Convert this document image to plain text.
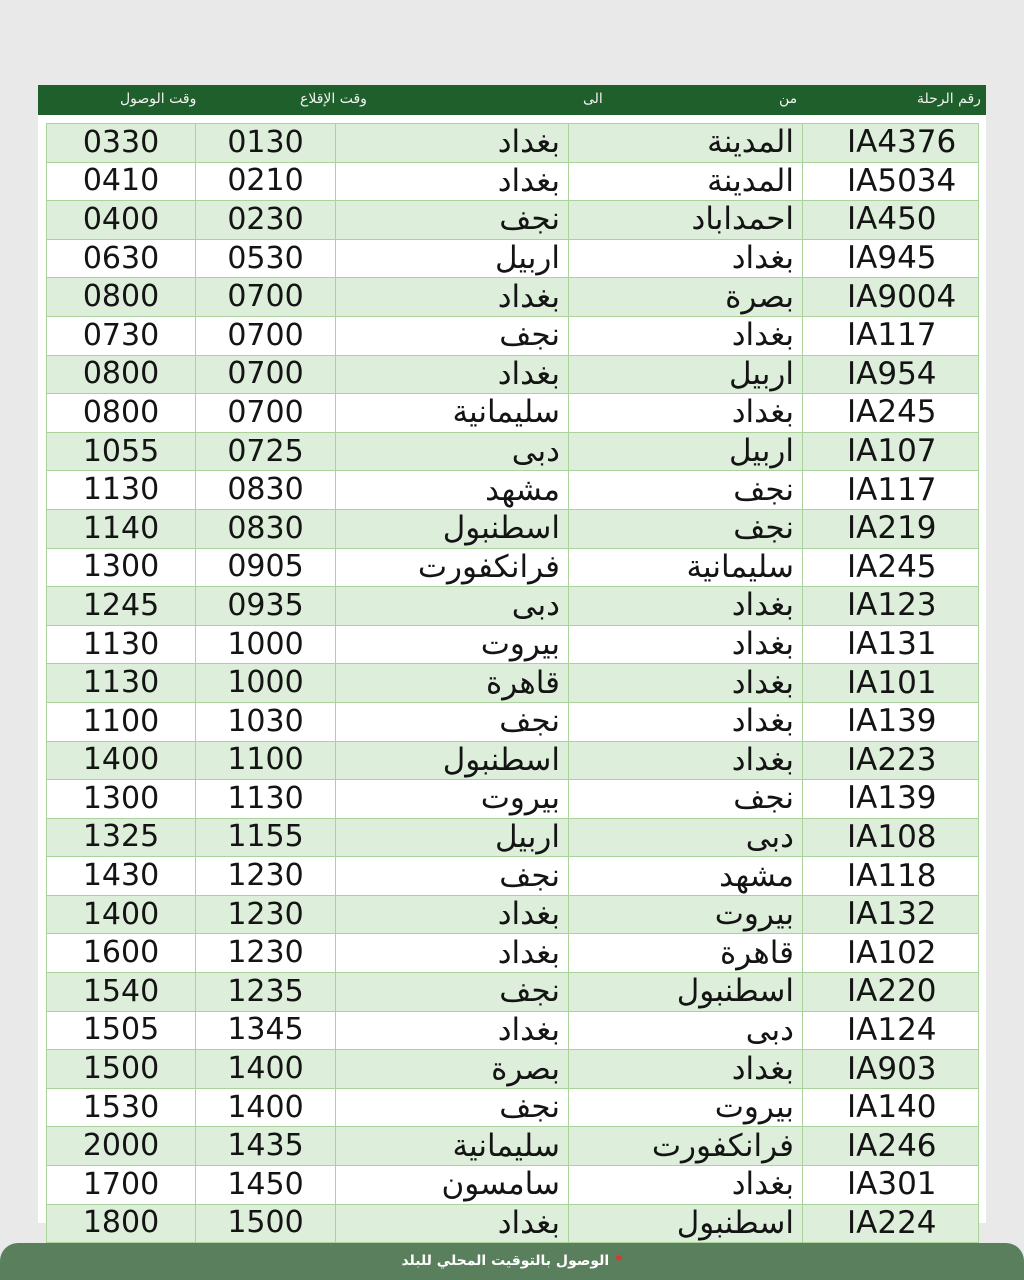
وقت الوصول	وقت الإقلاع	الى	من	رقم الرحلة
0330	0130	بغداد	المدينة	IA4376
0410	0210	بغداد	المدينة	IA5034
0400	0230	نجف	احمداباد	IA450
0630	0530	اربيل	بغداد	IA945
0800	0700	بغداد	بصرة	IA9004
0730	0700	نجف	بغداد	IA117
0800	0700	بغداد	اربيل	IA954
0800	0700	سليمانية	بغداد	IA245
1055	0725	دبى	اربيل	IA107
1130	0830	مشهد	نجف	IA117
1140	0830	اسطنبول	نجف	IA219
1300	0905	فرانكفورت	سليمانية	IA245
1245	0935	دبى	بغداد	IA123
1130	1000	بيروت	بغداد	IA131
1130	1000	قاهرة	بغداد	IA101
1100	1030	نجف	بغداد	IA139
1400	1100	اسطنبول	بغداد	IA223
1300	1130	بيروت	نجف	IA139
1325	1155	اربيل	دبى	IA108
1430	1230	نجف	مشهد	IA118
1400	1230	بغداد	بيروت	IA132
1600	1230	بغداد	قاهرة	IA102
1540	1235	نجف	اسطنبول	IA220
1505	1345	بغداد	دبى	IA124
1500	1400	بصرة	بغداد	IA903
1530	1400	نجف	بيروت	IA140
2000	1435	سليمانية	فرانكفورت	IA246
1700	1450	سامسون	بغداد	IA301
1800	1500	بغداد	اسطنبول	IA224
الوصول بالتوقيت المحلي للبلد *
